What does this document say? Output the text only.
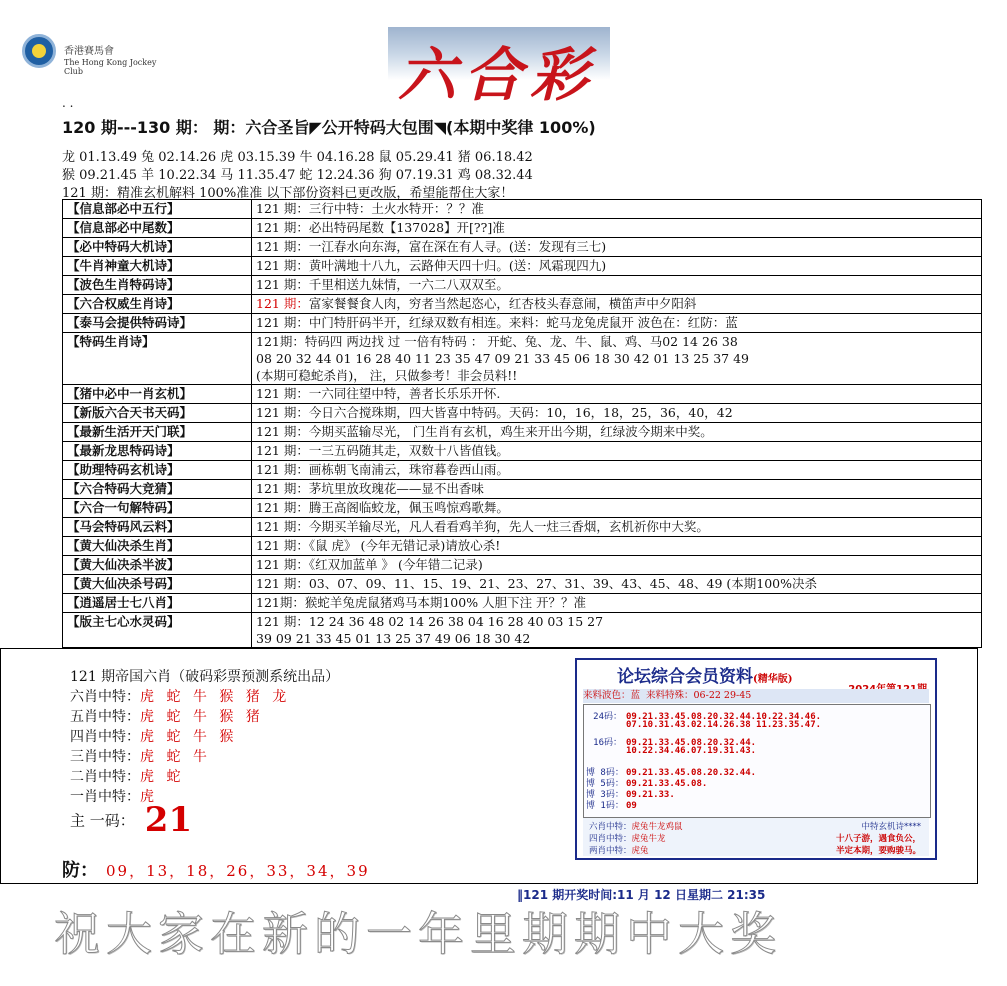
香港賽馬會
The Hong Kong Jockey Club	六合彩
. .
120 期---130 期： 期：六合圣旨◤公开特码大包围◥(本期中奖律 100%)
龙 01.13.49 兔 02.14.26 虎 03.15.39 牛 04.16.28 鼠 05.29.41 猪 06.18.42
猴 09.21.45 羊 10.22.34 马 11.35.47 蛇 12.24.36 狗 07.19.31 鸡 08.32.44
121 期：精准玄机解料 100%准准 以下部份资料已更改版，希望能帮住大家！
【信息部必中五行】	121 期：三行中特：土火水特开：？？准
【信息部必中尾数】	121 期：必出特码尾数【137028】开[??]准
【必中特码大机诗】	121 期：一江春水向东海，富在深在有人寻。(送：发现有三七)
【牛肖神童大机诗】	121 期：黄叶满地十八九，云路伸天四十归。(送：风霜现四九)
【波色生肖特码诗】	121 期：千里相送九妹情，一六二八双双至。
【六合权威生肖诗】	121 期：富家餐餐食人肉，穷者当然起恣心，红杏枝头春意闹，横笛声中夕阳斜
【泰马会提供特码诗】	121 期：中门特肝码半开，红绿双数有相连。来料：蛇马龙兔虎鼠开 波色在：红防：蓝
【特码生肖诗】	121期：特码四 两边找 过 一倍有特码 ： 开蛇、兔、龙、牛、鼠、鸡、马02 14 26 38
08 20 32 44 01 16 28 40 11 23 35 47 09 21 33 45 06 18 30 42 01 13 25 37 49
(本期可稳蛇杀肖)， 注，只做参考！非会员料!!

【猪中必中一肖玄机】	121 期：一六同往望中特，善者长乐乐开怀.
【新版六合天书天码】	121 期：今日六合搅珠期，四大皆喜中特码。天码：10，16，18，25，36，40，42
【最新生活开天门联】	121 期：今期买蓝输尽光， 门生肖有玄机，鸡生来开出今期，红绿波今期来中奖。
【最新龙思特码诗】	121 期：一三五码随其走，双数十八皆值钱。
【助理特码玄机诗】	121 期：画栋朝飞南浦云，珠帘暮卷西山雨。
【六合特码大竞猜】	121 期：茅坑里放玫瑰花——显不出香味
【六合一句解特码】	121 期：腾王高阁临蛟龙，佩玉鸣惊鸡歌舞。
【马会特码风云料】	121 期：今期买羊输尽光，凡人看看鸡羊狗，先人一炷三香烟，玄机祈你中大奖。
【黄大仙决杀生肖】	121 期：《鼠 虎》 (今年无错记录)请放心杀!
【黄大仙决杀半波】	121 期：《红双加蓝单 》 (今年错二记录)
【黄大仙决杀号码】	121 期：03、07、09、11、15、19、21、23、27、31、39、43、45、48、49 (本期100%决杀
【逍遥居士七八肖】	121期：猴蛇羊兔虎鼠猪鸡马本期100% 人胆下注 开？？准
【版主七心水灵码】	121 期：12 24 36 48 02 14 26 38 04 16 28 40 03 15 27
39 09 21 33 45 01 13 25 37 49 06 18 30 42
121 期帝国六肖（破码彩票预测系统出品）
六肖中特：虎 蛇 牛 猴 猪 龙
五肖中特：虎 蛇 牛 猴 猪
四肖中特：虎 蛇 牛 猴
三肖中特：虎 蛇 牛
二肖中特：虎 蛇
一肖中特：虎
主 一码： 21
防： 09，13，18，26，33，34，39
论坛综合会员资料(精华版)
来料波色：蓝 来料特殊：06-22 29-45
24码： 09.21.33.45.08.20.32.44.10.22.34.46.
07.10.31.43.02.14.26.38 11.23.35.47.
16码： 09.21.33.45.08.20.32.44.
10.22.34.46.07.19.31.43.
博 8码： 09.21.33.45.08.20.32.44.
博 5码： 09.21.33.45.08.
博 3码： 09.21.33.
博 1码： 09
六肖中特：虎兔牛龙鸡鼠
四肖中特：虎兔牛龙
两肖中特：虎兔
中特玄机诗****
十八子游，遇食负公，
半定本期，要购骏马。
‖121 期开奖时间:11 月 12 日星期二 21:35
祝大家在新的一年里期期中大奖
